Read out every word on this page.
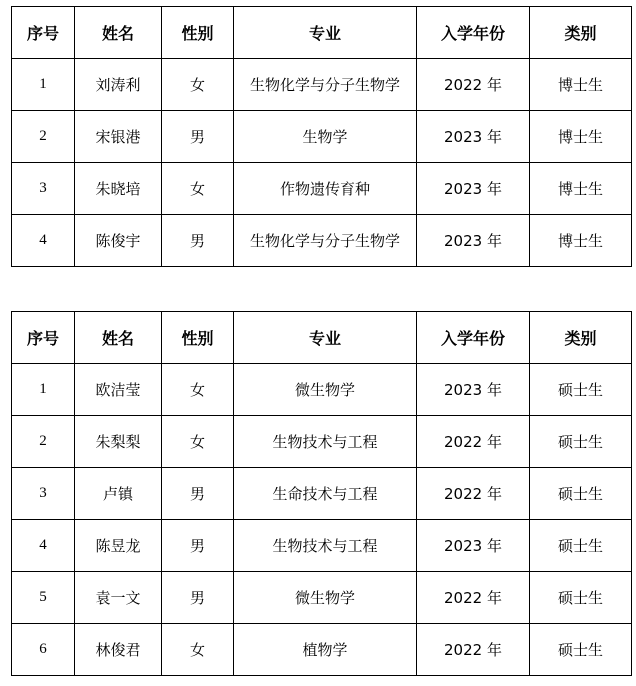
序号	姓名	性别	专业	入学年份	类别
1	刘涛利	女	生物化学与分子生物学	2022 年	博士生
2	宋银港	男	生物学	2023 年	博士生
3	朱晓培	女	作物遗传育种	2023 年	博士生
4	陈俊宇	男	生物化学与分子生物学	2023 年	博士生
序号	姓名	性别	专业	入学年份	类别
1	欧洁莹	女	微生物学	2023 年	硕士生
2	朱梨梨	女	生物技术与工程	2022 年	硕士生
3	卢镇	男	生命技术与工程	2022 年	硕士生
4	陈昱龙	男	生物技术与工程	2023 年	硕士生
5	袁一文	男	微生物学	2022 年	硕士生
6	林俊君	女	植物学	2022 年	硕士生
